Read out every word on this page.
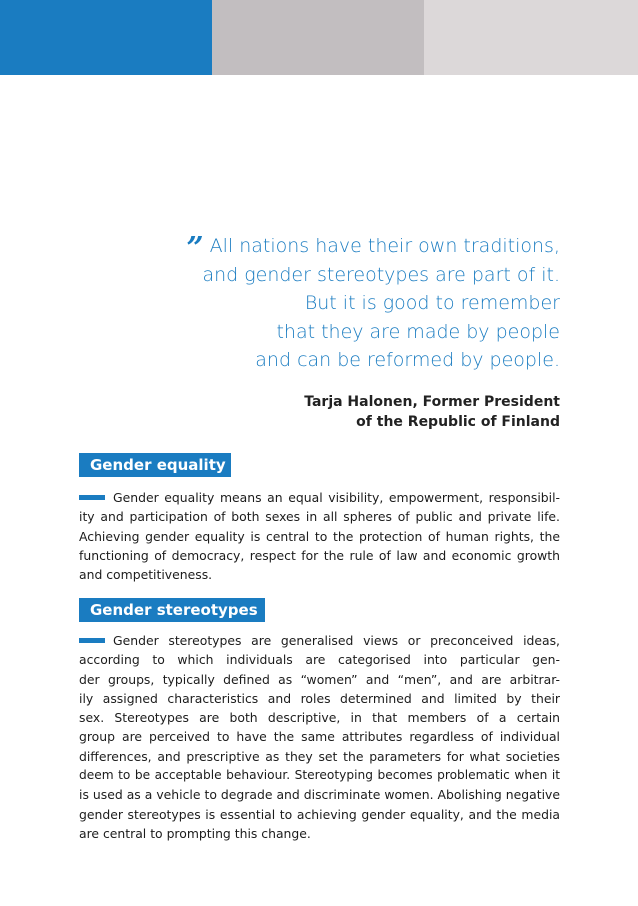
” All nations have their own traditions,
and gender stereotypes are part of it.
But it is good to remember
that they are made by people
and can be reformed by people.
Tarja Halonen, Former President
of the Republic of Finland
Gender equality
Gender equality means an equal visibility, empowerment, responsibil-
ity and participation of both sexes in all spheres of public and private life.
Achieving gender equality is central to the protection of human rights, the
functioning of democracy, respect for the rule of law and economic growth
and competitiveness.
Gender stereotypes
Gender stereotypes are generalised views or preconceived ideas,
according to which individuals are categorised into particular gen-
der groups, typically defined as “women” and “men”, and are arbitrar-
ily assigned characteristics and roles determined and limited by their
sex. Stereotypes are both descriptive, in that members of a certain
group are perceived to have the same attributes regardless of individual
differences, and prescriptive as they set the parameters for what societies
deem to be acceptable behaviour. Stereotyping becomes problematic when it
is used as a vehicle to degrade and discriminate women. Abolishing negative
gender stereotypes is essential to achieving gender equality, and the media
are central to prompting this change.
